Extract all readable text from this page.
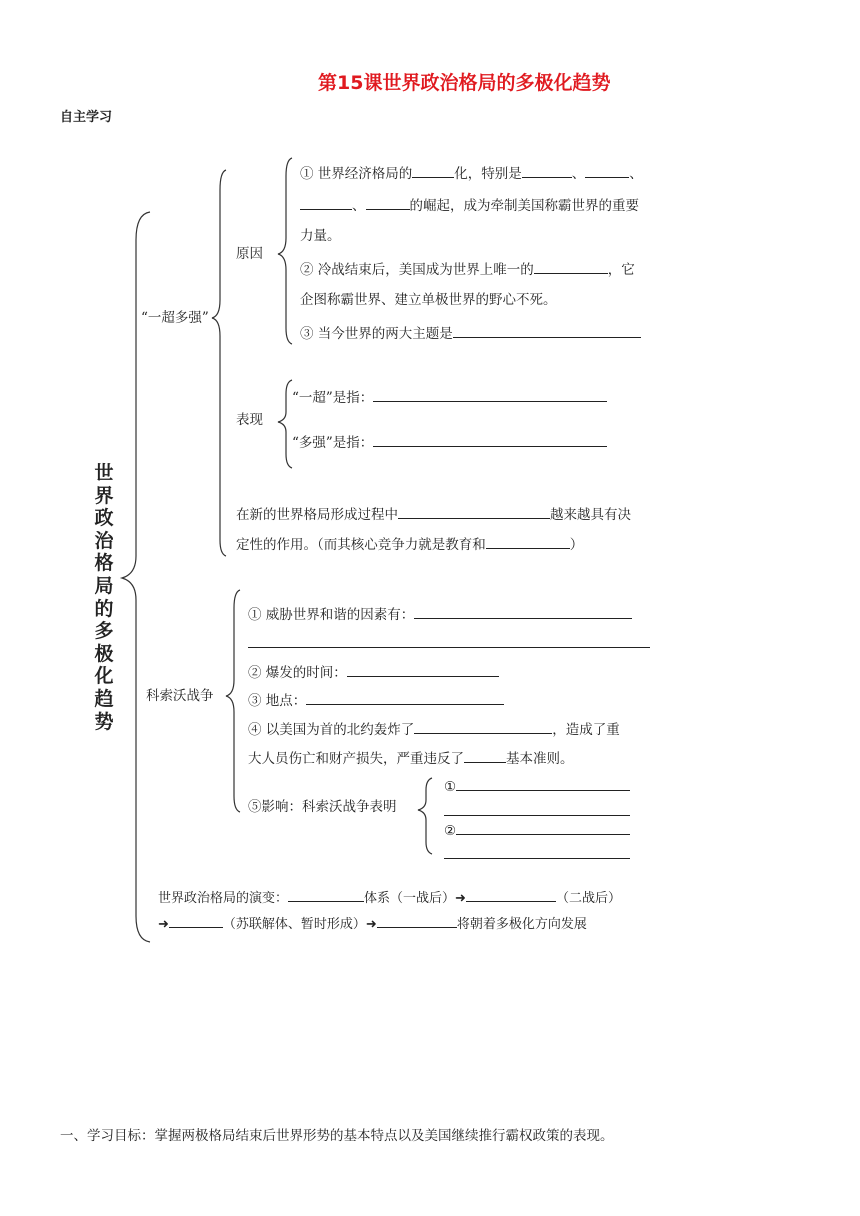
第15课世界政治格局的多极化趋势
自主学习
世界政治格局的多极化趋势
“一超多强”
原因
① 世界经济格局的	化，特别是	、	、
、	的崛起，成为牵制美国称霸世界的重要
力量。
② 冷战结束后，美国成为世界上唯一的	，它
企图称霸世界、建立单极世界的野心不死。
③ 当今世界的两大主题是
表现
“一超”是指：
“多强”是指：
在新的世界格局形成过程中	越来越具有决
定性的作用。（而其核心竞争力就是教育和	）
科索沃战争
① 威胁世界和谐的因素有：
② 爆发的时间：
③ 地点：
④ 以美国为首的北约轰炸了	，造成了重
大人员伤亡和财产损失，严重违反了	基本准则。
⑤影响：科索沃战争表明
①
②
世界政治格局的演变：	体系（一战后）➜	（二战后）
➜	（苏联解体、暂时形成）➜	将朝着多极化方向发展
一、学习目标：掌握两极格局结束后世界形势的基本特点以及美国继续推行霸权政策的表现。
